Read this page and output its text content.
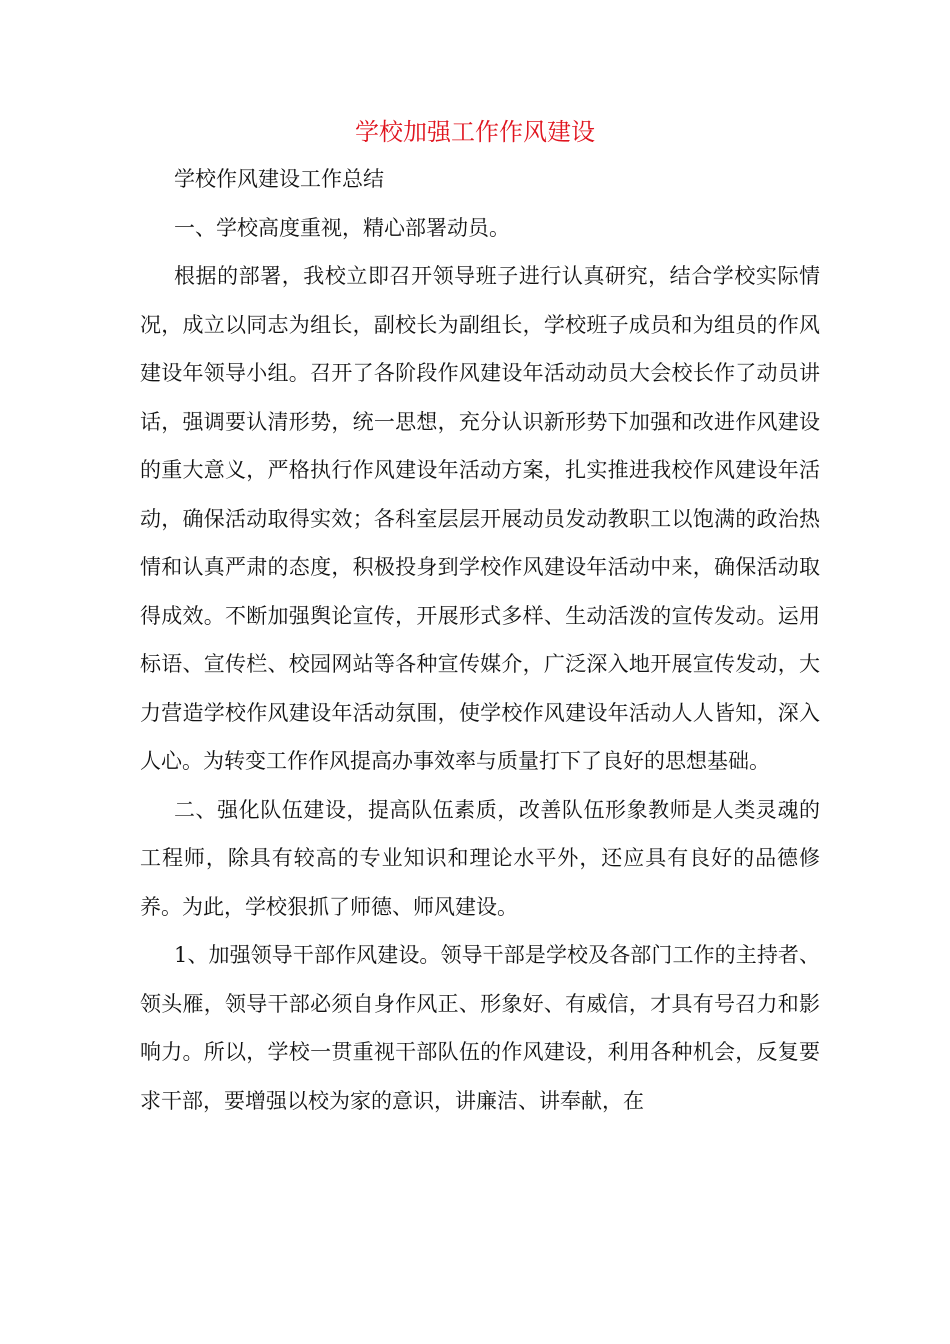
学校加强工作作风建设

学校作风建设工作总结

一、学校高度重视，精心部署动员。

根据的部署，我校立即召开领导班子进行认真研究，结合学校实际情况，成立以同志为组长，副校长为副组长，学校班子成员和为组员的作风建设年领导小组。召开了各阶段作风建设年活动动员大会校长作了动员讲话，强调要认清形势，统一思想，充分认识新形势下加强和改进作风建设的重大意义，严格执行作风建设年活动方案，扎实推进我校作风建设年活动，确保活动取得实效；各科室层层开展动员发动教职工以饱满的政治热情和认真严肃的态度，积极投身到学校作风建设年活动中来，确保活动取得成效。不断加强舆论宣传，开展形式多样、生动活泼的宣传发动。运用标语、宣传栏、校园网站等各种宣传媒介，广泛深入地开展宣传发动，大力营造学校作风建设年活动氛围，使学校作风建设年活动人人皆知，深入人心。为转变工作作风提高办事效率与质量打下了良好的思想基础。

二、强化队伍建设，提高队伍素质，改善队伍形象教师是人类灵魂的工程师，除具有较高的专业知识和理论水平外，还应具有良好的品德修养。为此，学校狠抓了师德、师风建设。

1、加强领导干部作风建设。领导干部是学校及各部门工作的主持者、领头雁，领导干部必须自身作风正、形象好、有威信，才具有号召力和影响力。所以，学校一贯重视干部队伍的作风建设，利用各种机会，反复要求干部，要增强以校为家的意识，讲廉洁、讲奉献，在
